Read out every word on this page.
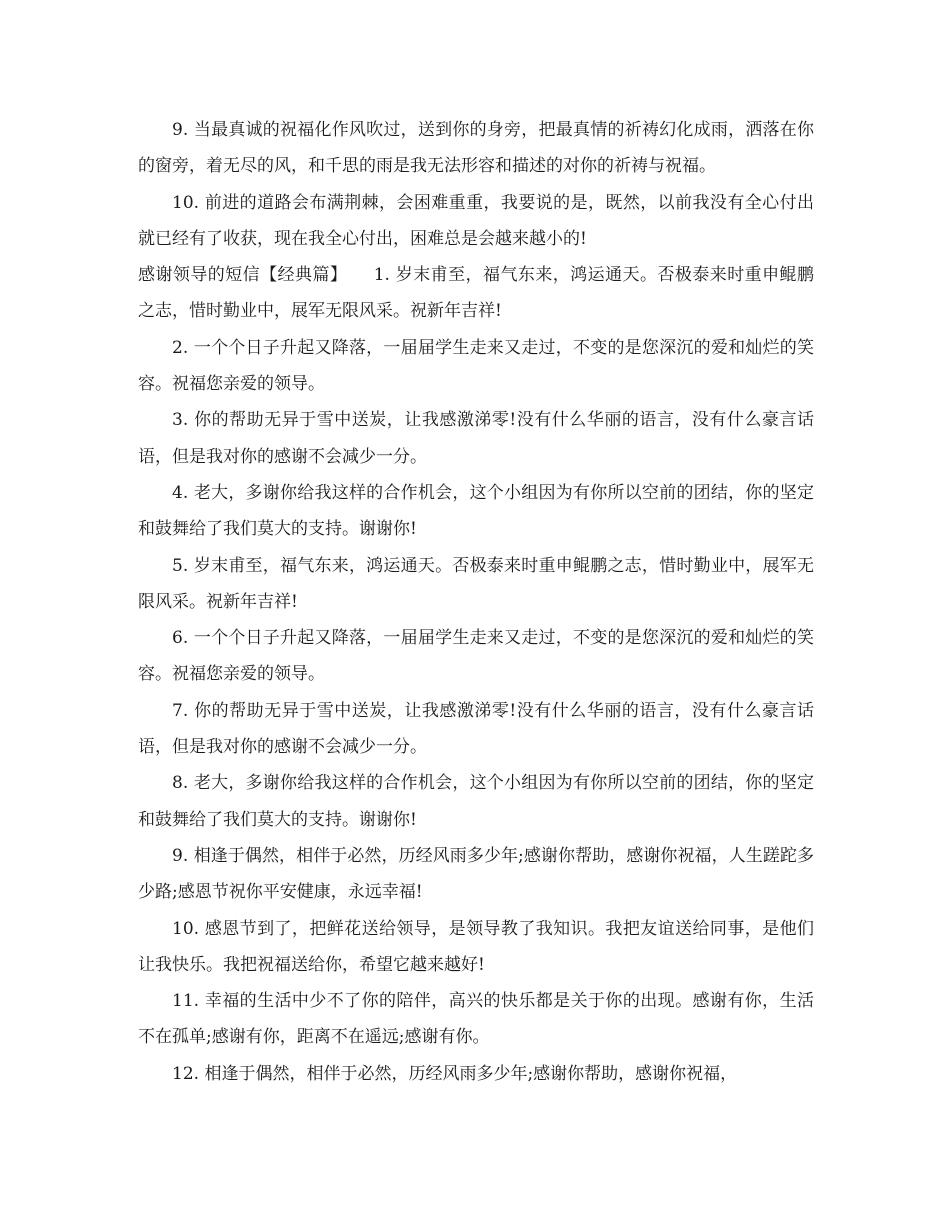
9. 当最真诚的祝福化作风吹过，送到你的身旁，把最真情的祈祷幻化成雨，洒落在你的窗旁，着无尽的风，和千思的雨是我无法形容和描述的对你的祈祷与祝福。

10. 前进的道路会布满荆棘，会困难重重，我要说的是，既然，以前我没有全心付出就已经有了收获，现在我全心付出，困难总是会越来越小的!

感谢领导的短信【经典篇】　　1. 岁末甫至，福气东来，鸿运通天。否极泰来时重申鲲鹏之志，惜时勤业中，展军无限风采。祝新年吉祥!

2. 一个个日子升起又降落，一届届学生走来又走过，不变的是您深沉的爱和灿烂的笑容。祝福您亲爱的领导。

3. 你的帮助无异于雪中送炭，让我感激涕零!没有什么华丽的语言，没有什么豪言话语，但是我对你的感谢不会减少一分。

4. 老大，多谢你给我这样的合作机会，这个小组因为有你所以空前的团结，你的坚定和鼓舞给了我们莫大的支持。谢谢你!

5. 岁末甫至，福气东来，鸿运通天。否极泰来时重申鲲鹏之志，惜时勤业中，展军无限风采。祝新年吉祥!

6. 一个个日子升起又降落，一届届学生走来又走过，不变的是您深沉的爱和灿烂的笑容。祝福您亲爱的领导。

7. 你的帮助无异于雪中送炭，让我感激涕零!没有什么华丽的语言，没有什么豪言话语，但是我对你的感谢不会减少一分。

8. 老大，多谢你给我这样的合作机会，这个小组因为有你所以空前的团结，你的坚定和鼓舞给了我们莫大的支持。谢谢你!

9. 相逢于偶然，相伴于必然，历经风雨多少年;感谢你帮助，感谢你祝福，人生蹉跎多少路;感恩节祝你平安健康，永远幸福!

10. 感恩节到了，把鲜花送给领导，是领导教了我知识。我把友谊送给同事，是他们让我快乐。我把祝福送给你，希望它越来越好!

11. 幸福的生活中少不了你的陪伴，高兴的快乐都是关于你的出现。感谢有你，生活不在孤单;感谢有你，距离不在遥远;感谢有你。

12. 相逢于偶然，相伴于必然，历经风雨多少年;感谢你帮助，感谢你祝福，
